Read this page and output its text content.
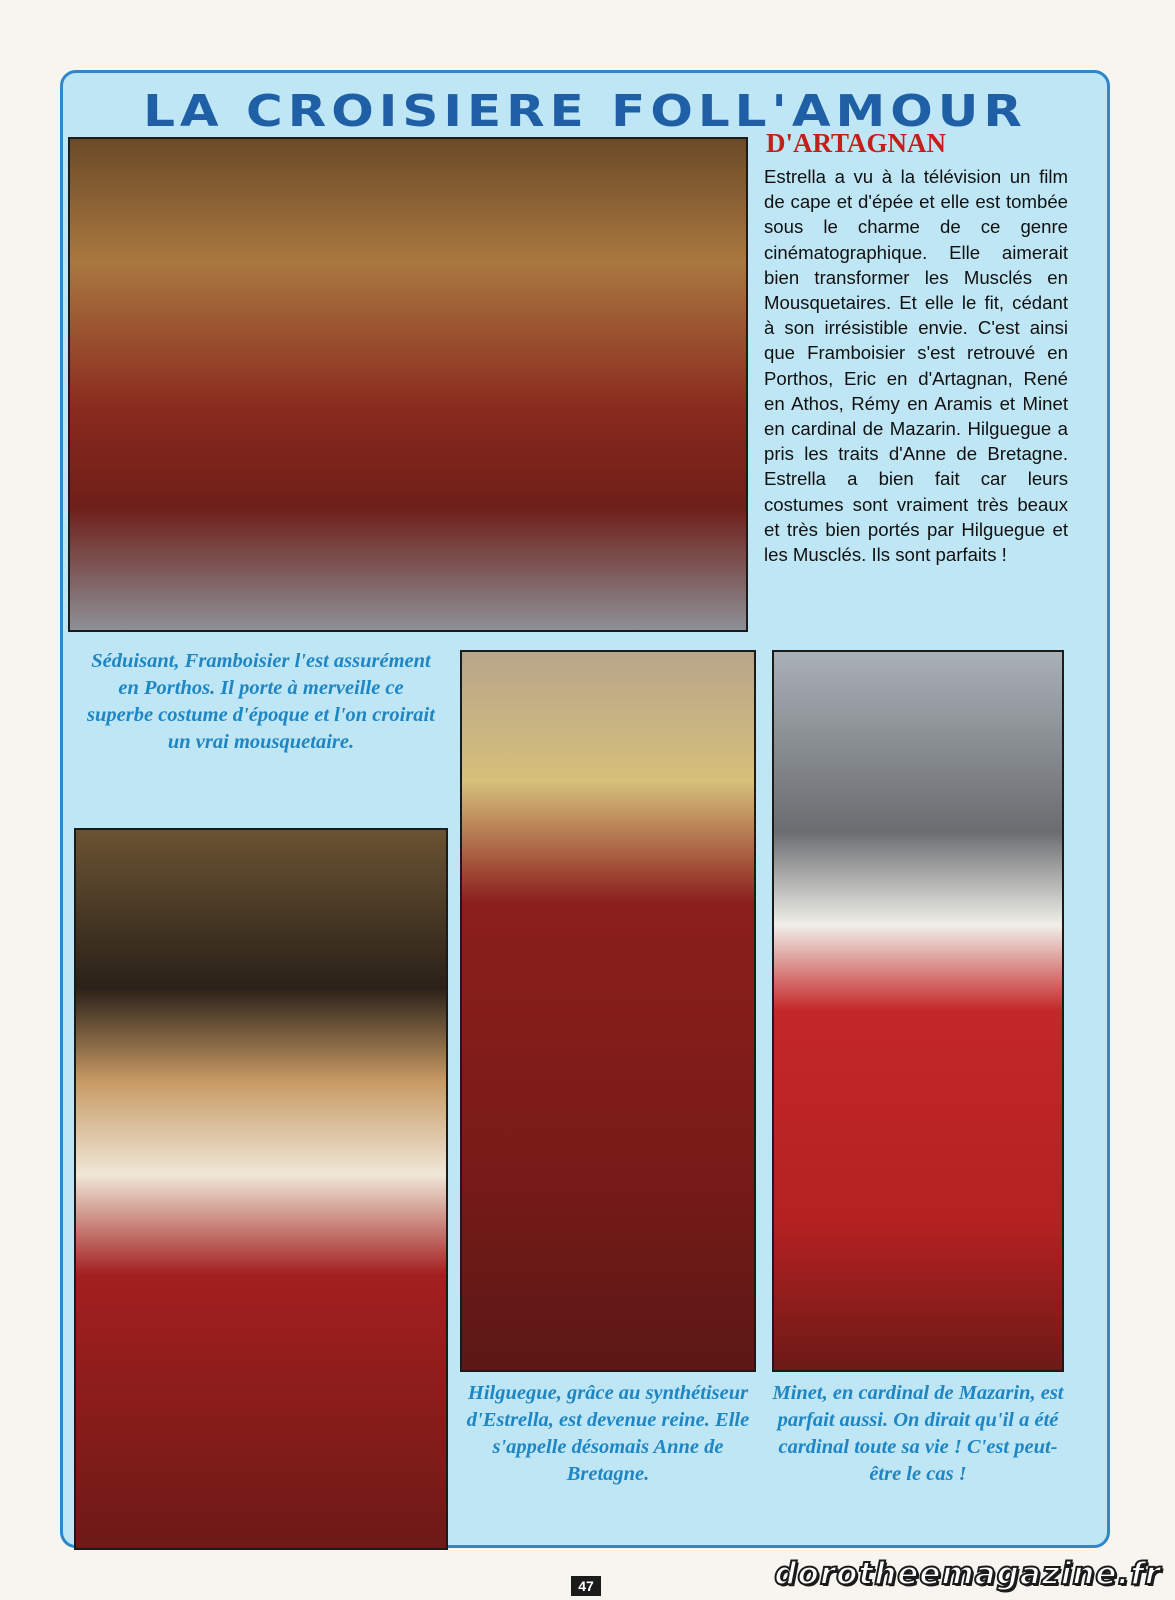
LA CROISIERE FOLL'AMOUR
D'ARTAGNAN

Estrella a vu à la télévision un film de cape et d'épée et elle est tombée sous le charme de ce genre cinématographique. Elle aimerait bien transformer les Musclés en Mousquetaires. Et elle le fit, cédant à son irrésistible envie. C'est ainsi que Framboisier s'est retrouvé en Porthos, Eric en d'Artagnan, René en Athos, Rémy en Aramis et Minet en cardinal de Mazarin. Hilguegue a pris les traits d'Anne de Bretagne. Estrella a bien fait car leurs costumes sont vraiment très beaux et très bien portés par Hilguegue et les Musclés. Ils sont parfaits !

Séduisant, Framboisier l'est assurément en Porthos. Il porte à merveille ce superbe costume d'époque et l'on croirait un vrai mousquetaire.

Hilguegue, grâce au synthétiseur d'Estrella, est devenue reine. Elle s'appelle désomais Anne de Bretagne.

Minet, en cardinal de Mazarin, est parfait aussi. On dirait qu'il a été cardinal toute sa vie ! C'est peut-être le cas !

47	dorotheemagazine.fr
